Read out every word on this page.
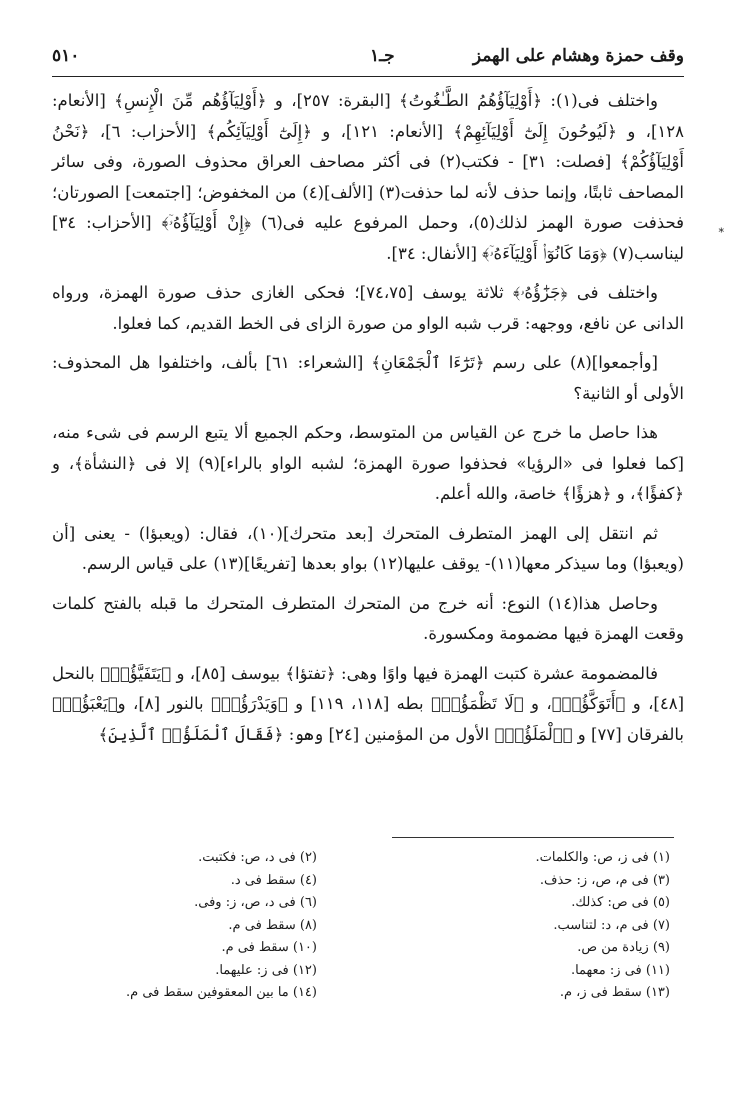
٥١٠	جـ١	وقف حمزة وهشام على الهمز
*

واختلف فى(١): ﴿أَوْلِيَآؤُهُمُ الطَّـٰغُوتُ﴾ [البقرة: ٢٥٧]، و ﴿أَوْلِيَآؤُهُم مِّنَ الْإِنسِ﴾ [الأنعام: ١٢٨]، و ﴿لَيُوحُونَ إِلَىٰٓ أَوْلِيَآئِهِمْ﴾ [الأنعام: ١٢١]، و ﴿إِلَىٰٓ أَوْلِيَآئِكُم﴾ [الأحزاب: ٦]، ﴿نَحْنُ أَوْلِيَآؤُكُمْ﴾ [فصلت: ٣١] - فكتب(٢) فى أكثر مصاحف العراق محذوف الصورة، وفى سائر المصاحف ثابتًا، وإنما حذف لأنه لما حذفت(٣) [الألف](٤) من المخفوض؛ [اجتمعت] الصورتان؛ فحذفت صورة الهمز لذلك(٥)، وحمل المرفوع عليه فى(٦) ﴿إِنْ أَوْلِيَآؤُهُۥٓ﴾ [الأحزاب: ٣٤] ليناسب(٧) ﴿وَمَا كَانُوٓا۟ أَوْلِيَآءَهُۥٓ﴾ [الأنفال: ٣٤].

واختلف فى ﴿جَزَٰٓؤُهُۥ﴾ ثلاثة يوسف [٧٤،٧٥]؛ فحكى الغازى حذف صورة الهمزة، ورواه الدانى عن نافع، ووجهه: قرب شبه الواو من صورة الزاى فى الخط القديم، كما فعلوا.

[وأجمعوا](٨) على رسم ﴿تَرَٰٓءَا ٱلْجَمْعَانِ﴾ [الشعراء: ٦١] بألف، واختلفوا هل المحذوف: الأولى أو الثانية؟

هذا حاصل ما خرج عن القياس من المتوسط، وحكم الجميع ألا يتبع الرسم فى شىء منه، [كما فعلوا فى «الرؤيا» فحذفوا صورة الهمزة؛ لشبه الواو بالراء](٩) إلا فى ﴿النشأة﴾، و ﴿كفؤًا﴾، و ﴿هزؤًا﴾ خاصة، والله أعلم.

ثم انتقل إلى الهمز المتطرف المتحرك [بعد متحرك](١٠)، فقال: (ويعبؤا) - يعنى [أن (ويعبؤا) وما سيذكر معها(١١)- يوقف عليها(١٢) بواو بعدها [تفريعًا](١٣) على قياس الرسم.

وحاصل هذا(١٤) النوع: أنه خرج من المتحرك المتطرف المتحرك ما قبله بالفتح كلمات وقعت الهمزة فيها مضمومة ومكسورة.

فالمضمومة عشرة كتبت الهمزة فيها واوًا وهى: ﴿تفتؤا﴾ بيوسف [٨٥]، و ﴿يَتَفَيَّؤُا۟﴾ بالنحل [٤٨]، و ﴿أَتَوَكَّؤُا۟﴾، و ﴿لَا تَظْمَؤُا۟﴾ بطه [١١٨، ١١٩] و ﴿وَيَدْرَؤُا۟﴾ بالنور [٨]، و﴿يَعْبَؤُا۟﴾ بالفرقان [٧٧] و ﴿ٱلْمَلَؤُا۟﴾ الأول من المؤمنين [٢٤] وهو: ﴿فَقَالَ ٱلْمَلَؤُا۟ ٱلَّذِينَ﴾

(١) فى ز، ص: والكلمات.
(٣) فى م، ص، ز: حذف.
(٥) فى ص: كذلك.
(٧) فى م، د: لتناسب.
(٩) زيادة من ص.
(١١) فى ز: معهما.
(١٣) سقط فى ز، م.
(٢) فى د، ص: فكتبت.
(٤) سقط فى د.
(٦) فى د، ص، ز: وفى.
(٨) سقط فى م.
(١٠) سقط فى م.
(١٢) فى ز: عليهما.
(١٤) ما بين المعقوفين سقط فى م.
